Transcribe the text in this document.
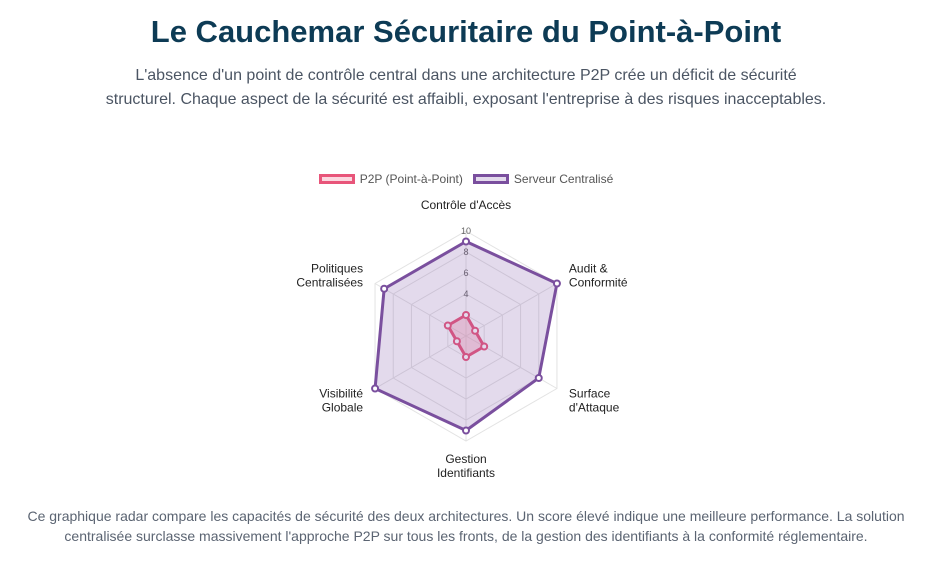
Le Cauchemar Sécuritaire du Point-à-Point

L'absence d'un point de contrôle central dans une architecture P2P crée un déficit de sécurité structurel. Chaque aspect de la sécurité est affaibli, exposant l'entreprise à des risques inacceptables.

P2P (Point-à-Point)	Serveur Centralisé
10
Contrôle d'Accès
Audit & Conformité
Surface d'Attaque
Gestion Identifiants
Visibilité Globale
Politiques Centralisées

Ce graphique radar compare les capacités de sécurité des deux architectures. Un score élevé indique une meilleure performance. La solution centralisée surclasse massivement l'approche P2P sur tous les fronts, de la gestion des identifiants à la conformité réglementaire.
